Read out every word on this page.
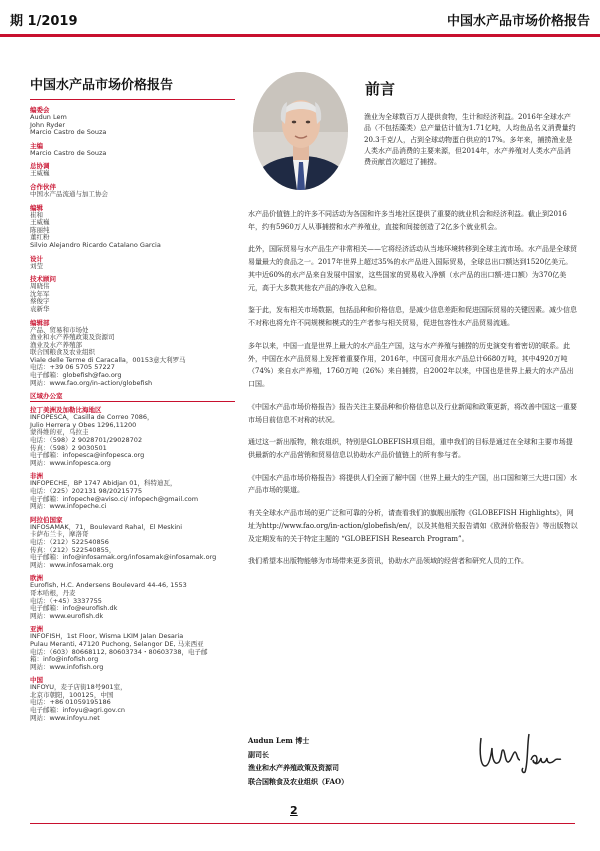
期 1/2019	中国水产品市场价格报告
中国水产品市场价格报告
编委会
Audun Lem
John Ryder
Marcio Castro de Souza
主编
Marcio Castro de Souza
总协调
王威巍
合作伙伴
中国水产品流通与加工协会
编辑
崔和
王威巍
陈丽纯
董红粉
Silvio Alejandro Ricardo Catalano Garcia
设计
刘莹
技术顾问
周晓伟
沈年军
蔡俊宇
袁新华
编辑部
产品、贸易和市场处
渔业和水产养殖政策及资源司
渔业及水产养殖部
联合国粮食及农业组织
Viale delle Terme di Caracalla，00153意大利罗马
电话：+39 06 5705 57227
电子邮箱：globefish@fao.org
网站：www.fao.org/in-action/globefish
区域办公室
拉丁美洲及加勒比海地区
INFOPESCA，Casilla de Correo 7086，
Julio Herrera y Obes 1296,11200
蒙得维的亚，乌拉圭
电话：（598）2 9028701/29028702
传真：（598）2 9030501
电子邮箱：infopesca@infopesca.org
网站：www.infopesca.org
非洲
INFOPECHE，BP 1747 Abidjan 01，科特迪瓦，
电话：（225）202131 98/20215775
电子邮箱：infopeche@aviso.ci/ infopech@gmail.com
网站：www.infopeche.ci
阿拉伯国家
INFOSAMAK，71，Boulevard Rahal，El Meskini
卡萨布兰卡，摩洛哥
电话：（212）522540856
传真：（212）522540855，
电子邮箱：info@infosamak.org/infosamak@infosamak.org
网站：www.infosamak.org
欧洲
Eurofish, H.C. Andersens Boulevard 44-46, 1553
哥本哈根，丹麦
电话：（+45）3337755
电子邮箱：info@eurofish.dk
网站：www.eurofish.dk
亚洲
INFOFISH，1st Floor, Wisma LKIM Jalan Desaria
Pulau Meranti, 47120 Puchong, Selangor DE, 马来西亚
电话：（603）80668112, 80603734・80603738，电子邮
箱：info@infofish.org
网站：www.infofish.org
中国
INFOYU，麦子店街18号901室，
北京市朝阳，100125，中国
电话：+86 01059195186
电子邮箱：infoyu@agri.gov.cn
网站：www.infoyu.net
前言
渔业为全球数百万人提供食物，生计和经济利益。2016年全球水产品（不包括藻类）总产量估计值为1.71亿吨，人均鱼品名义消费量约20.3千克/人，占到全球动物蛋白供应的17%。多年来，捕捞渔业是人类水产品消费的主要来源，但2014年，水产养殖对人类水产品消费贡献首次超过了捕捞。

水产品价值链上的许多不同活动为各国和许多当地社区提供了重要的就业机会和经济利益。截止到2016年，约有5960万人从事捕捞和水产养殖业，直接和间接创造了2亿多个就业机会。

此外，国际贸易与水产品生产非常相关——它将经济活动从当地环境转移到全球主流市场。水产品是全球贸易量最大的食品之一。2017年世界上超过35%的水产品进入国际贸易，全球总出口额达到1520亿美元。其中近60%的水产品来自发展中国家，这些国家的贸易收入净额（水产品的出口额-进口额）为370亿美元，高于大多数其他农产品的净收入总和。

鉴于此，发布相关市场数据，包括品种和价格信息，是减少信息差距和促进国际贸易的关键因素。减少信息不对称也将允许不同规模和模式的生产者参与相关贸易，促进包容性水产品贸易流通。

多年以来，中国一直是世界上最大的水产品生产国，这与水产养殖与捕捞的历史演变有着密切的联系。此外，中国在水产品贸易上发挥着重要作用，2016年，中国可食用水产品总计6680万吨，其中4920万吨（74%）来自水产养殖，1760万吨（26%）来自捕捞，自2002年以来，中国也是世界上最大的水产品出口国。

《中国水产品市场价格报告》报告关注主要品种和价格信息以及行业新闻和政策更新，将改善中国这一重要市场目前信息不对称的状况。

通过这一新出版物，粮农组织，特别是GLOBEFISH项目组，重申我们的目标是通过在全球和主要市场提供最新的水产品营销和贸易信息以协助水产品价值链上的所有参与者。

《中国水产品市场价格报告》将提供人们全面了解中国（世界上最大的生产国，出口国和第三大进口国）水产品市场的渠道。

有关全球水产品市场的更广泛和可靠的分析，请查看我们的旗舰出版物《GLOBEFISH Highlights》，网址为http://www.fao.org/in-action/globefish/en/，以及其他相关报告请如《欧洲价格报告》等出版物以及定期发布的关于特定主题的 “GLOBEFISH Research Program”。

我们希望本出版物能够为市场带来更多资讯，协助水产品领域的经营者和研究人员的工作。

Audun Lem 博士
副司长
渔业和水产养殖政策及资源司
联合国粮食及农业组织（FAO）
2
